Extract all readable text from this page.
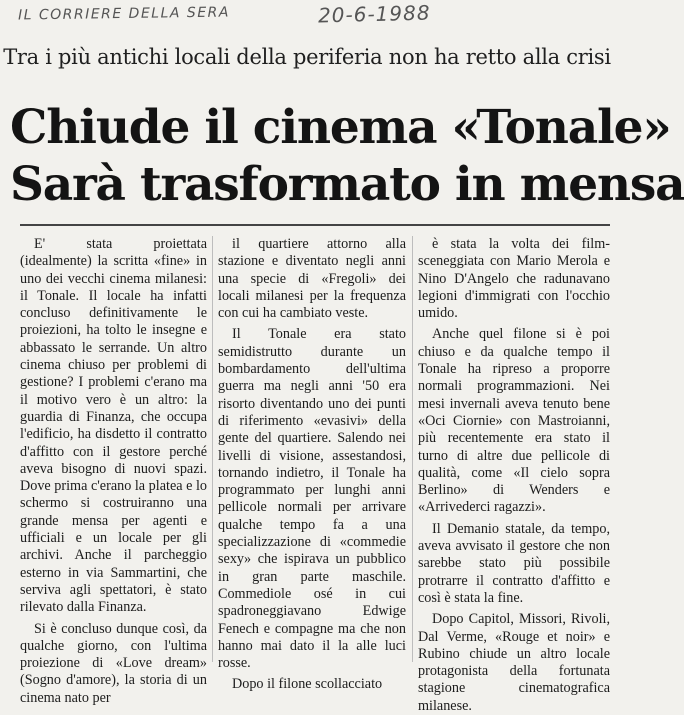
IL CORRIERE DELLA SERA	20-6-1988
Tra i più antichi locali della periferia non ha retto alla crisi
Chiude il cinema «Tonale»
Sarà trasformato in mensa

E' stata proiettata (idealmente) la scritta «fine» in uno dei vecchi cinema milanesi: il Tonale. Il locale ha infatti concluso definitivamente le proiezioni, ha tolto le insegne e abbassato le serrande. Un altro cinema chiuso per problemi di gestione? I problemi c'erano ma il motivo vero è un altro: la guardia di Finanza, che occupa l'edificio, ha disdetto il contratto d'affitto con il gestore perché aveva bisogno di nuovi spazi. Dove prima c'erano la platea e lo schermo si costruiranno una grande mensa per agenti e ufficiali e un locale per gli archivi. Anche il parcheggio esterno in via Sammartini, che serviva agli spettatori, è stato rilevato dalla Finanza.

Si è concluso dunque così, da qualche giorno, con l'ultima proiezione di «Love dream» (Sogno d'amore), la storia di un cinema nato per

il quartiere attorno alla stazione e diventato negli anni una specie di «Fregoli» dei locali milanesi per la frequenza con cui ha cambiato veste.

Il Tonale era stato semidistrutto durante un bombardamento dell'ultima guerra ma negli anni '50 era risorto diventando uno dei punti di riferimento «evasivi» della gente del quartiere. Salendo nei livelli di visione, assestandosi, tornando indietro, il Tonale ha programmato per lunghi anni pellicole normali per arrivare qualche tempo fa a una specializzazione di «commedie sexy» che ispirava un pubblico in gran parte maschile. Commediole osé in cui spadroneggiavano Edwige Fenech e compagne ma che non hanno mai dato il la alle luci rosse.

Dopo il filone scollacciato

è stata la volta dei film-sceneggiata con Mario Merola e Nino D'Angelo che radunavano legioni d'immigrati con l'occhio umido.

Anche quel filone si è poi chiuso e da qualche tempo il Tonale ha ripreso a proporre normali programmazioni. Nei mesi invernali aveva tenuto bene «Oci Ciornie» con Mastroianni, più recentemente era stato il turno di altre due pellicole di qualità, come «Il cielo sopra Berlino» di Wenders e «Arrivederci ragazzi».

Il Demanio statale, da tempo, aveva avvisato il gestore che non sarebbe stato più possibile protrarre il contratto d'affitto e così è stata la fine.

Dopo Capitol, Missori, Rivoli, Dal Verme, «Rouge et noir» e Rubino chiude un altro locale protagonista della fortunata stagione cinematografica milanese.
